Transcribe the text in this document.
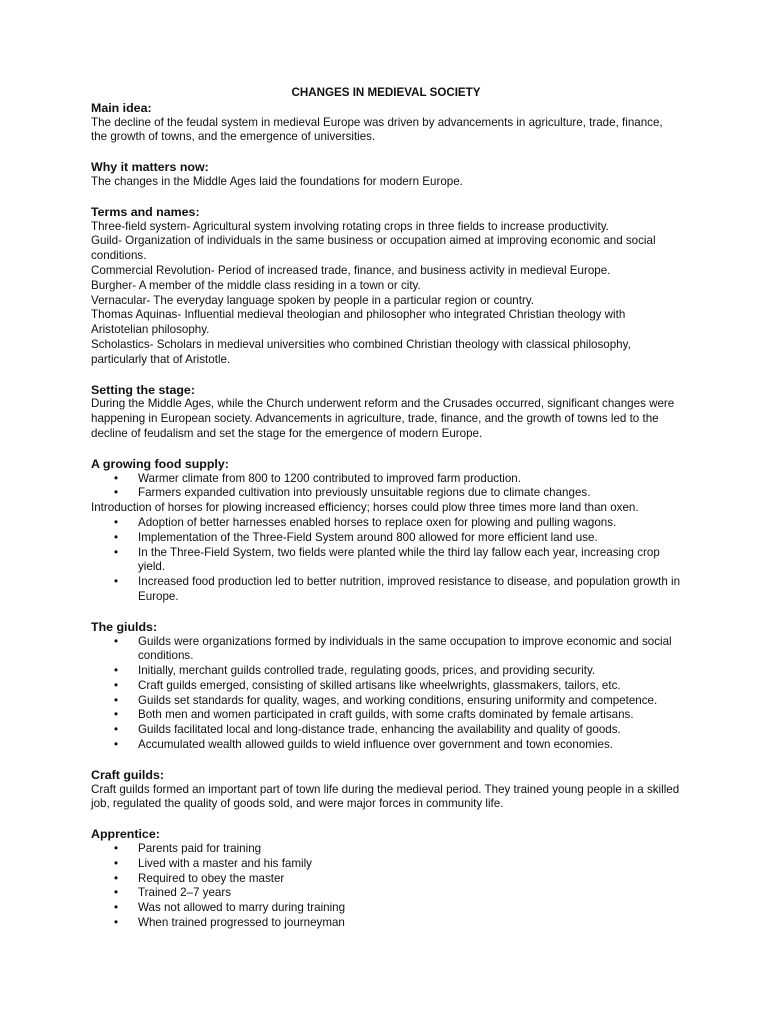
CHANGES IN MEDIEVAL SOCIETY

Main idea:

The decline of the feudal system in medieval Europe was driven by advancements in agriculture, trade, finance, the growth of towns, and the emergence of universities.

Why it matters now:

The changes in the Middle Ages laid the foundations for modern Europe.

Terms and names:

Three-field system- Agricultural system involving rotating crops in three fields to increase productivity.

Guild- Organization of individuals in the same business or occupation aimed at improving economic and social conditions.

Commercial Revolution- Period of increased trade, finance, and business activity in medieval Europe.

Burgher- A member of the middle class residing in a town or city.

Vernacular- The everyday language spoken by people in a particular region or country.

Thomas Aquinas- Influential medieval theologian and philosopher who integrated Christian theology with Aristotelian philosophy.

Scholastics- Scholars in medieval universities who combined Christian theology with classical philosophy, particularly that of Aristotle.

Setting the stage:

During the Middle Ages, while the Church underwent reform and the Crusades occurred, significant changes were happening in European society. Advancements in agriculture, trade, finance, and the growth of towns led to the decline of feudalism and set the stage for the emergence of modern Europe.

A growing food supply:

• Warmer climate from 800 to 1200 contributed to improved farm production.
• Farmers expanded cultivation into previously unsuitable regions due to climate changes.

Introduction of horses for plowing increased efficiency; horses could plow three times more land than oxen.

• Adoption of better harnesses enabled horses to replace oxen for plowing and pulling wagons.
• Implementation of the Three-Field System around 800 allowed for more efficient land use.
• In the Three-Field System, two fields were planted while the third lay fallow each year, increasing crop yield.
• Increased food production led to better nutrition, improved resistance to disease, and population growth in Europe.

The giulds:

• Guilds were organizations formed by individuals in the same occupation to improve economic and social conditions.
• Initially, merchant guilds controlled trade, regulating goods, prices, and providing security.
• Craft guilds emerged, consisting of skilled artisans like wheelwrights, glassmakers, tailors, etc.
• Guilds set standards for quality, wages, and working conditions, ensuring uniformity and competence.
• Both men and women participated in craft guilds, with some crafts dominated by female artisans.
• Guilds facilitated local and long-distance trade, enhancing the availability and quality of goods.
• Accumulated wealth allowed guilds to wield influence over government and town economies.

Craft guilds:

Craft guilds formed an important part of town life during the medieval period. They trained young people in a skilled job, regulated the quality of goods sold, and were major forces in community life.

Apprentice:

• Parents paid for training
• Lived with a master and his family
• Required to obey the master
• Trained 2–7 years
• Was not allowed to marry during training
• When trained progressed to journeyman
